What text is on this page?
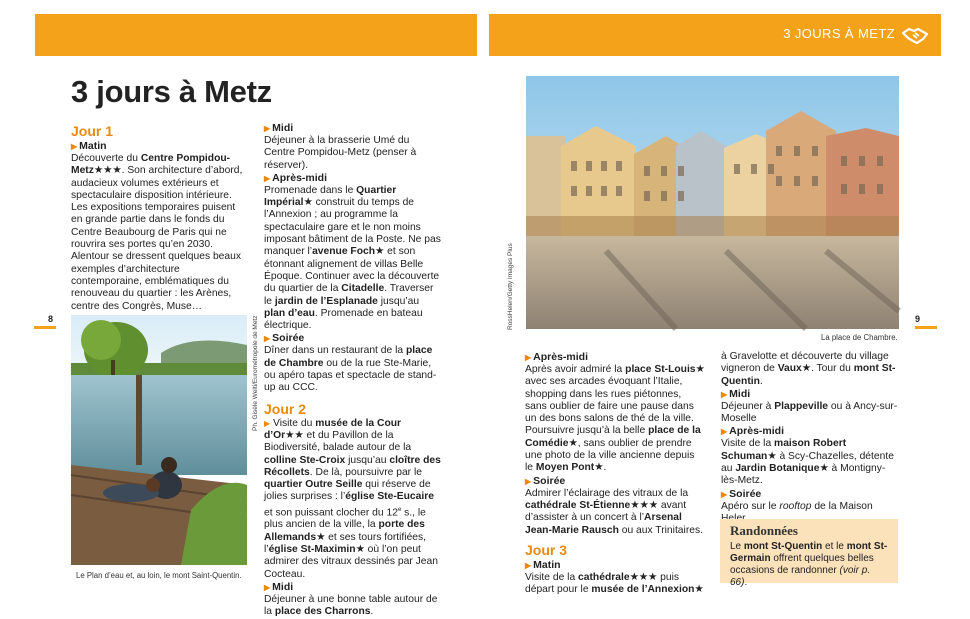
3 jours à Metz
8
Jour 1
▶ Matin

Découverte du Centre Pompidou-Metz★★★. Son architecture d’abord, audacieux volumes extérieurs et spectaculaire disposition intérieure. Les expositions temporaires puisent en grande partie dans le fonds du Centre Beaubourg de Paris qui ne rouvrira ses portes qu’en 2030. Alentour se dressent quelques beaux exemples d’architecture contemporaine, emblématiques du renouveau du quartier : les Arènes, centre des Congrès, Muse…

Le Plan d’eau et, au loin, le mont Saint-Quentin.
Ph. Gisèle Welti/Eurométropole de Metz
▶ Midi

Déjeuner à la brasserie Umé du Centre Pompidou-Metz (penser à réserver).

▶ Après-midi

Promenade dans le Quartier Impérial★ construit du temps de l’Annexion ; au programme la spectaculaire gare et le non moins imposant bâtiment de la Poste. Ne pas manquer l’avenue Foch★ et son étonnant alignement de villas Belle Époque. Continuer avec la découverte du quartier de la Citadelle. Traverser le jardin de l’Esplanade jusqu’au plan d’eau. Promenade en bateau électrique.

▶ Soirée

Dîner dans un restaurant de la place de Chambre ou de la rue Ste-Marie, ou apéro tapas et spectacle de stand-up au CCC.

Jour 2

▶ Visite du musée de la Cour d’Or★★ et du Pavillon de la Biodiversité, balade autour de la colline Ste-Croix jusqu’au cloître des Récollets. De là, poursuivre par le quartier Outre Seille qui réserve de jolies surprises : l’église Ste-Eucaire et son puissant clocher du 12e s., le plus ancien de la ville, la porte des Allemands★ et ses tours fortifiées, l’église St-Maximin★ où l’on peut admirer des vitraux dessinés par Jean Cocteau.

▶ Midi

Déjeuner à une bonne table autour de la place des Charrons.

3 JOURS À METZ
9
La place de Chambre.
RossHelen/Getty Images Plus
▶ Après-midi

Après avoir admiré la place St-Louis★ avec ses arcades évoquant l’Italie, shopping dans les rues piétonnes, sans oublier de faire une pause dans un des bons salons de thé de la ville. Poursuivre jusqu’à la belle place de la Comédie★, sans oublier de prendre une photo de la ville ancienne depuis le Moyen Pont★.

▶ Soirée

Admirer l’éclairage des vitraux de la cathédrale St-Étienne★★★ avant d’assister à un concert à l’Arsenal Jean-Marie Rausch ou aux Trinitaires.

Jour 3
▶ Matin

Visite de la cathédrale★★★ puis départ pour le musée de l’Annexion★

à Gravelotte et découverte du village vigneron de Vaux★. Tour du mont St-Quentin.

▶ Midi

Déjeuner à Plappeville ou à Ancy-sur-Moselle

▶ Après-midi

Visite de la maison Robert Schuman★ à Scy-Chazelles, détente au Jardin Botanique★ à Montigny-lès-Metz.

▶ Soirée

Apéro sur le rooftop de la Maison

Randonnées

Le mont St-Quentin et le mont St-Germain offrent quelques belles occasions de randonner (voir p. 66).
